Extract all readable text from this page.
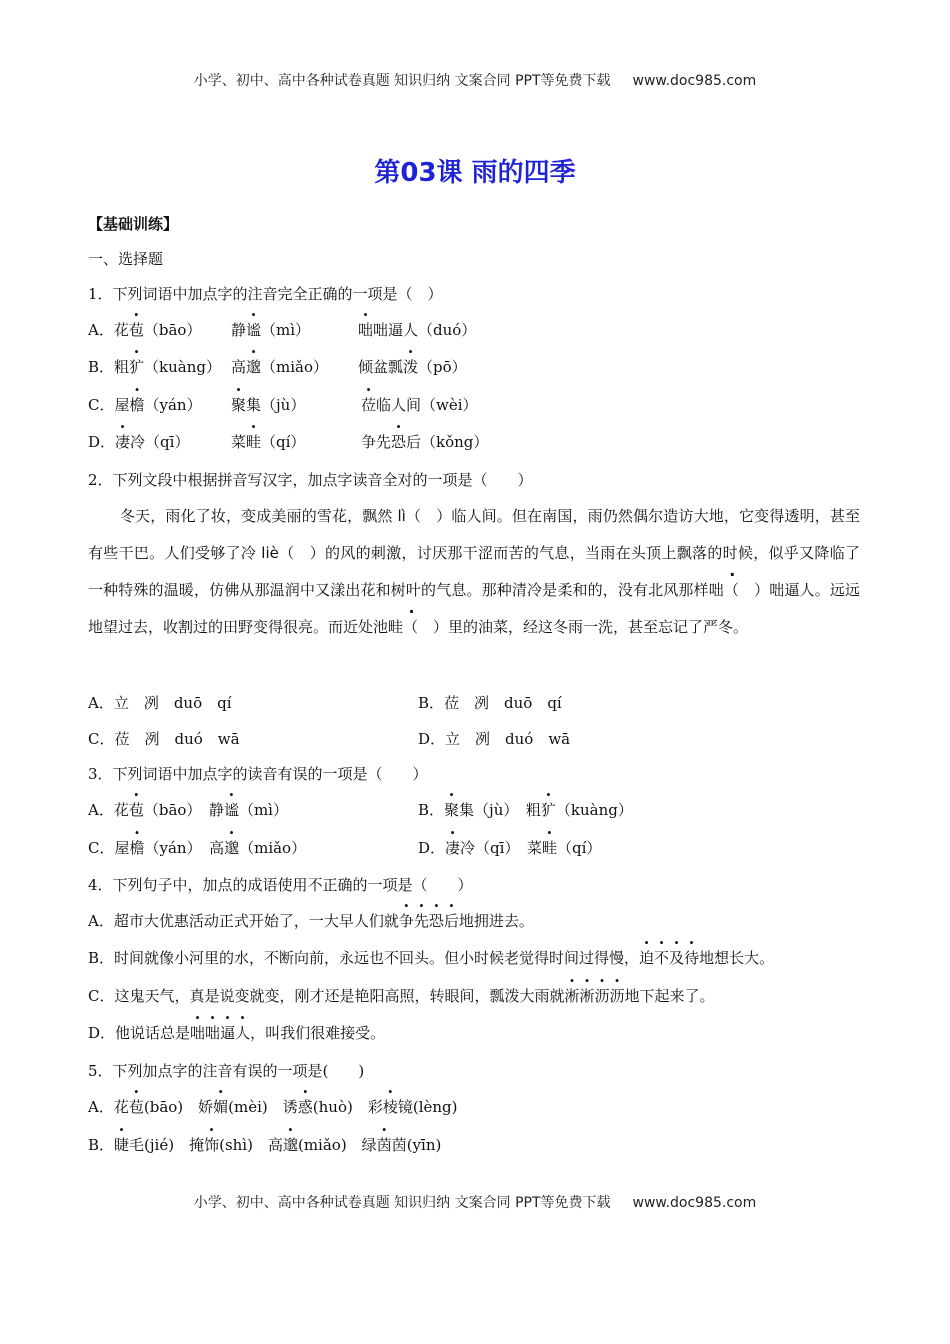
小学、初中、高中各种试卷真题 知识归纳 文案合同 PPT等免费下载 www.doc985.com
第03课 雨的四季
【基础训练】
一、选择题
1．下列词语中加点字的注音完全正确的一项是（　）
A．花苞（bāo） 静谧（mì）	咄咄逼人（duó）
B．粗犷（kuàng） 高邈（miǎo） 倾盆瓢泼（pō）
C．屋檐（yán） 聚集（jù）	莅临人间（wèi）
D．凄冷（qī）	菜畦（qí）	争先恐后（kǒng）
2．下列文段中根据拼音写汉字，加点字读音全对的一项是（　　）
冬天，雨化了妆，变成美丽的雪花，飘然 lì（　）临人间。但在南国，雨仍然偶尔造访大地，它变得透明，甚至有些干巴。人们受够了冷 liè（　）的风的刺激，讨厌那干涩而苦的气息，当雨在头顶上飘落的时候，似乎又降临了一种特殊的温暖，仿佛从那温润中又漾出花和树叶的气息。那种清冷是柔和的，没有北风那样咄（　）咄逼人。远远地望过去，收割过的田野变得很亮。而近处池畦（　）里的油菜，经这冬雨一洗，甚至忘记了严冬。
A．立　冽　duō　qí	B．莅　冽　duō　qí
C．莅　冽　duó　wā	D．立　冽　duó　wā
3．下列词语中加点字的读音有误的一项是（　　）
A．花苞（bāo）　静谧（mì）	B．聚集（jù）　粗犷（kuàng）
C．屋檐（yán）　高邈（miǎo）	D．凄冷（qī）　菜畦（qí）
4．下列句子中，加点的成语使用不正确的一项是（　　）
A．超市大优惠活动正式开始了，一大早人们就争先恐后地拥进去。
B．时间就像小河里的水，不断向前，永远也不回头。但小时候老觉得时间过得慢，迫不及待地想长大。
C．这鬼天气，真是说变就变，刚才还是艳阳高照，转眼间，瓢泼大雨就淅淅沥沥地下起来了。
D．他说话总是咄咄逼人，叫我们很难接受。
5．下列加点字的注音有误的一项是(　　)
A．花苞(bāo)　娇媚(mèi)　诱惑(huò)　彩棱镜(lèng)
B．睫毛(jié)　掩饰(shì)　高邈(miǎo)　绿茵茵(yīn)
小学、初中、高中各种试卷真题 知识归纳 文案合同 PPT等免费下载 www.doc985.com
